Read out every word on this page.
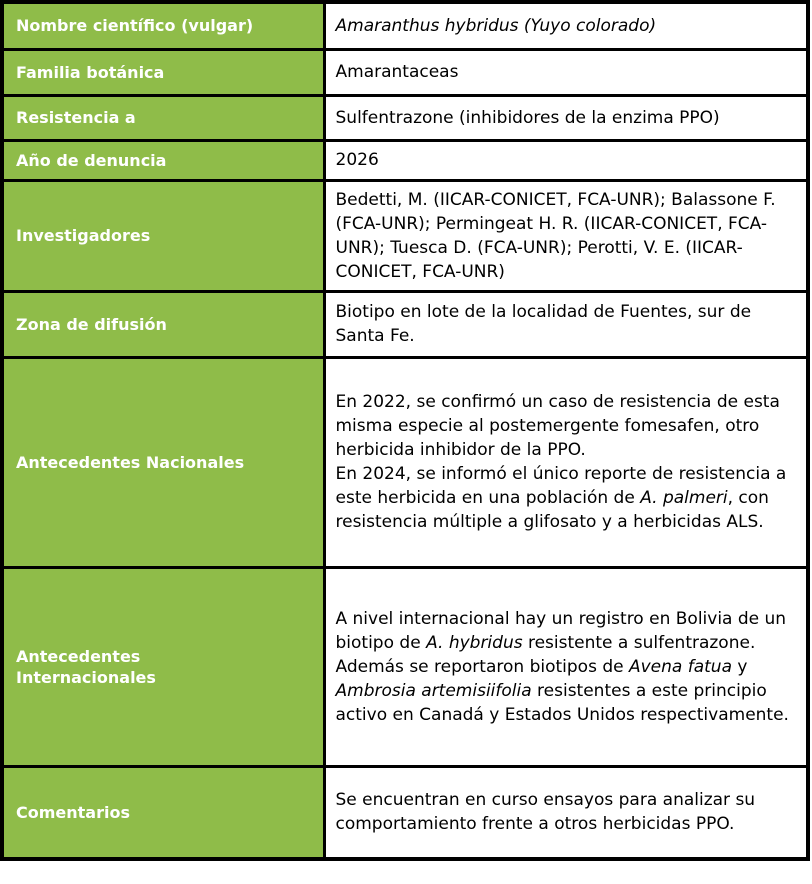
Nombre científico (vulgar)	Amaranthus hybridus (Yuyo colorado)
Familia botánica	Amarantaceas
Resistencia a	Sulfentrazone (inhibidores de la enzima PPO)
Año de denuncia	2026
Investigadores	Bedetti, M. (IICAR-CONICET, FCA-UNR); Balassone F. (FCA-UNR); Permingeat H. R. (IICAR-CONICET, FCA-UNR); Tuesca D. (FCA-UNR); Perotti, V. E. (IICAR-CONICET, FCA-UNR)
Zona de difusión	Biotipo en lote de la localidad de Fuentes, sur de Santa Fe.
Antecedentes Nacionales	En 2022, se confirmó un caso de resistencia de esta misma especie al postemergente fomesafen, otro herbicida inhibidor de la PPO.
En 2024, se informó el único reporte de resistencia a este herbicida en una población de A. palmeri, con resistencia múltiple a glifosato y a herbicidas ALS.
Antecedentes Internacionales	A nivel internacional hay un registro en Bolivia de un biotipo de A. hybridus resistente a sulfentrazone.
Además se reportaron biotipos de Avena fatua y Ambrosia artemisiifolia resistentes a este principio activo en Canadá y Estados Unidos respectivamente.
Comentarios	Se encuentran en curso ensayos para analizar su comportamiento frente a otros herbicidas PPO.
